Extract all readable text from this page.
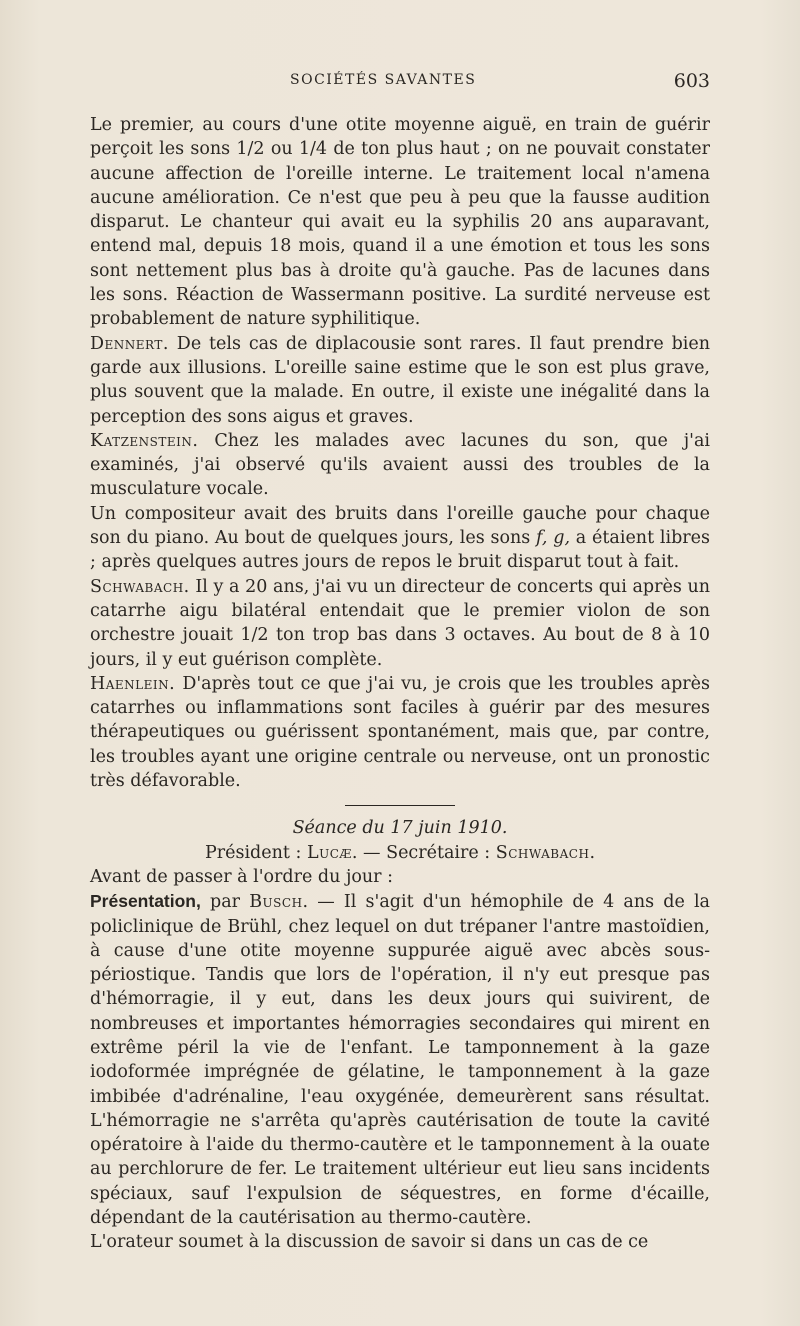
SOCIÉTÉS SAVANTES	603

Le premier, au cours d'une otite moyenne aiguë, en train de guérir perçoit les sons 1/2 ou 1/4 de ton plus haut ; on ne pouvait constater aucune affection de l'oreille interne. Le traitement local n'amena aucune amélioration. Ce n'est que peu à peu que la fausse audition disparut. Le chanteur qui avait eu la syphilis 20 ans auparavant, entend mal, depuis 18 mois, quand il a une émotion et tous les sons sont nettement plus bas à droite qu'à gauche. Pas de lacunes dans les sons. Réaction de Wassermann positive. La surdité nerveuse est probablement de nature syphilitique.

Dennert. De tels cas de diplacousie sont rares. Il faut prendre bien garde aux illusions. L'oreille saine estime que le son est plus grave, plus souvent que la malade. En outre, il existe une inégalité dans la perception des sons aigus et graves.

Katzenstein. Chez les malades avec lacunes du son, que j'ai examinés, j'ai observé qu'ils avaient aussi des troubles de la musculature vocale.

Un compositeur avait des bruits dans l'oreille gauche pour chaque son du piano. Au bout de quelques jours, les sons f, g, a étaient libres ; après quelques autres jours de repos le bruit disparut tout à fait.

Schwabach. Il y a 20 ans, j'ai vu un directeur de concerts qui après un catarrhe aigu bilatéral entendait que le premier violon de son orchestre jouait 1/2 ton trop bas dans 3 octaves. Au bout de 8 à 10 jours, il y eut guérison complète.

Haenlein. D'après tout ce que j'ai vu, je crois que les troubles après catarrhes ou inflammations sont faciles à guérir par des mesures thérapeutiques ou guérissent spontanément, mais que, par contre, les troubles ayant une origine centrale ou nerveuse, ont un pronostic très défavorable.

Séance du 17 juin 1910.

Président : Lucæ. — Secrétaire : Schwabach.

Avant de passer à l'ordre du jour :

Présentation, par Busch. — Il s'agit d'un hémophile de 4 ans de la policlinique de Brühl, chez lequel on dut trépaner l'antre mastoïdien, à cause d'une otite moyenne suppurée aiguë avec abcès sous-périostique. Tandis que lors de l'opération, il n'y eut presque pas d'hémorragie, il y eut, dans les deux jours qui suivirent, de nombreuses et importantes hémorragies secondaires qui mirent en extrême péril la vie de l'enfant. Le tamponnement à la gaze iodoformée imprégnée de gélatine, le tamponnement à la gaze imbibée d'adrénaline, l'eau oxygénée, demeurèrent sans résultat. L'hémorragie ne s'arrêta qu'après cautérisation de toute la cavité opératoire à l'aide du thermo-cautère et le tamponnement à la ouate au perchlorure de fer. Le traitement ultérieur eut lieu sans incidents spéciaux, sauf l'expulsion de séquestres, en forme d'écaille, dépendant de la cautérisation au thermo-cautère.

L'orateur soumet à la discussion de savoir si dans un cas de ce
